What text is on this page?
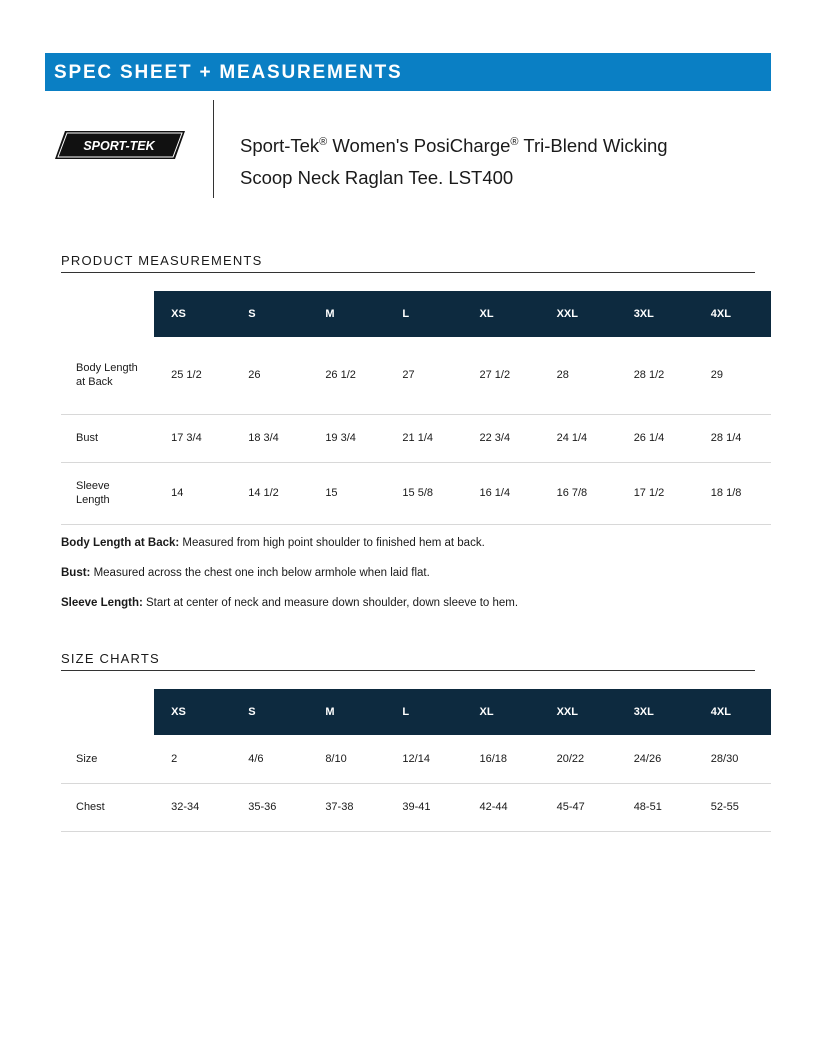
SPEC SHEET + MEASUREMENTS
SPORT-TEK	Sport-Tek® Women's PosiCharge® Tri-Blend Wicking
Scoop Neck Raglan Tee. LST400
PRODUCT MEASUREMENTS
	XS	S	M	L	XL	XXL	3XL	4XL

Body Length at Back	25 1/2	26	26 1/2	27	27 1/2	28	28 1/2	29

Bust	17 3/4	18 3/4	19 3/4	21 1/4	22 3/4	24 1/4	26 1/4	28 1/4

Sleeve Length	14	14 1/2	15	15 5/8	16 1/4	16 7/8	17 1/2	18 1/8

Body Length at Back: Measured from high point shoulder to finished hem at back.

Bust: Measured across the chest one inch below armhole when laid flat.

Sleeve Length: Start at center of neck and measure down shoulder, down sleeve to hem.

SIZE CHARTS
	XS	S	M	L	XL	XXL	3XL	4XL
Size	2	4/6	8/10	12/14	16/18	20/22	24/26	28/30
Chest	32-34	35-36	37-38	39-41	42-44	45-47	48-51	52-55
